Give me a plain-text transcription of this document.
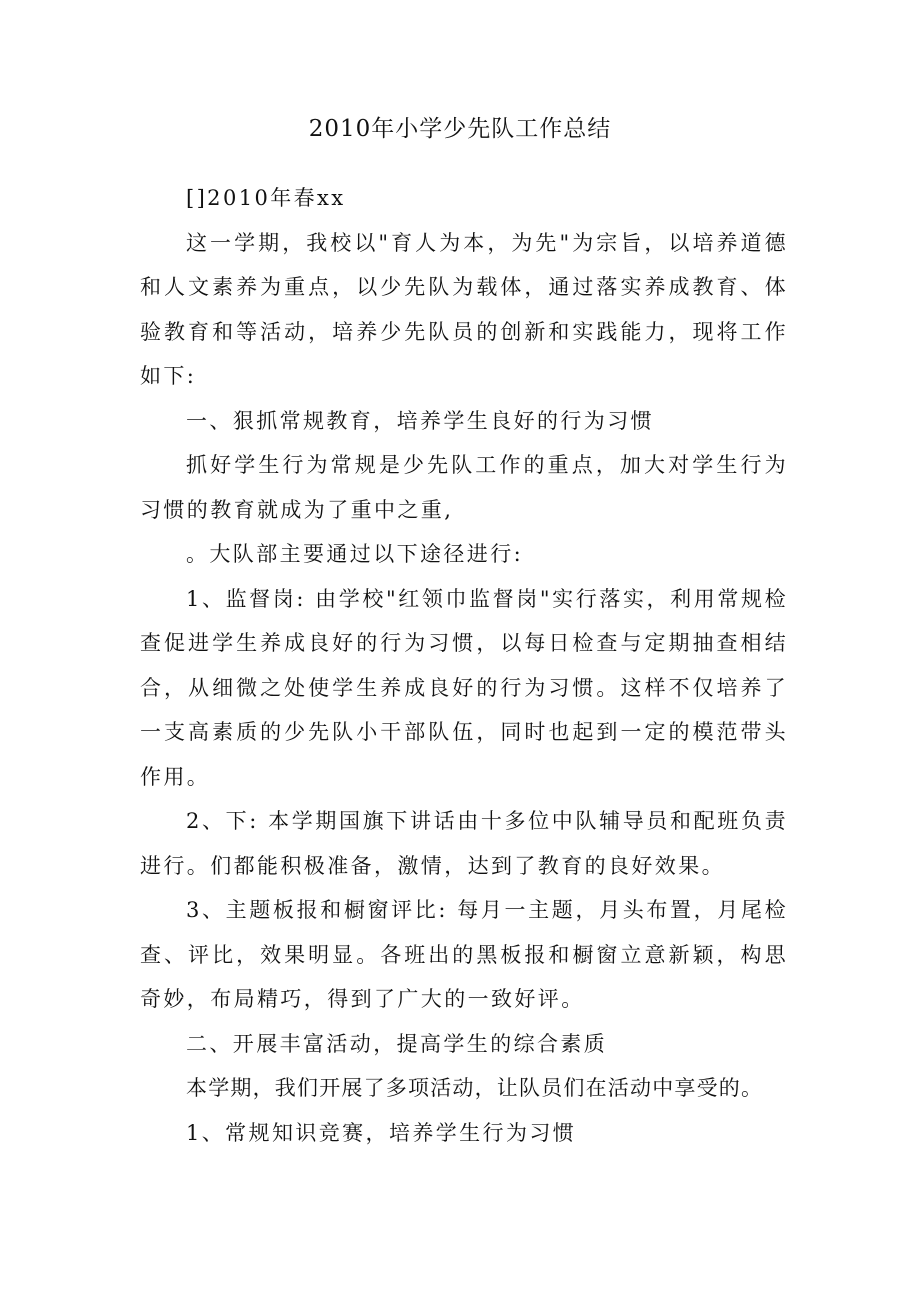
2010年小学少先队工作总结

[]2010年春xx

这一学期，我校以"育人为本，为先"为宗旨，以培养道德和人文素养为重点，以少先队为载体，通过落实养成教育、体验教育和等活动，培养少先队员的创新和实践能力，现将工作如下:

一、狠抓常规教育，培养学生良好的行为习惯

抓好学生行为常规是少先队工作的重点，加大对学生行为习惯的教育就成为了重中之重,

。大队部主要通过以下途径进行:

1、监督岗: 由学校"红领巾监督岗"实行落实，利用常规检查促进学生养成良好的行为习惯，以每日检查与定期抽查相结合，从细微之处使学生养成良好的行为习惯。这样不仅培养了一支高素质的少先队小干部队伍，同时也起到一定的模范带头作用。

2、下: 本学期国旗下讲话由十多位中队辅导员和配班负责进行。们都能积极准备，激情，达到了教育的良好效果。

3、主题板报和橱窗评比: 每月一主题，月头布置，月尾检查、评比，效果明显。各班出的黑板报和橱窗立意新颖，构思奇妙，布局精巧，得到了广大的一致好评。

二、开展丰富活动，提高学生的综合素质

本学期，我们开展了多项活动，让队员们在活动中享受的。

1、常规知识竞赛，培养学生行为习惯
